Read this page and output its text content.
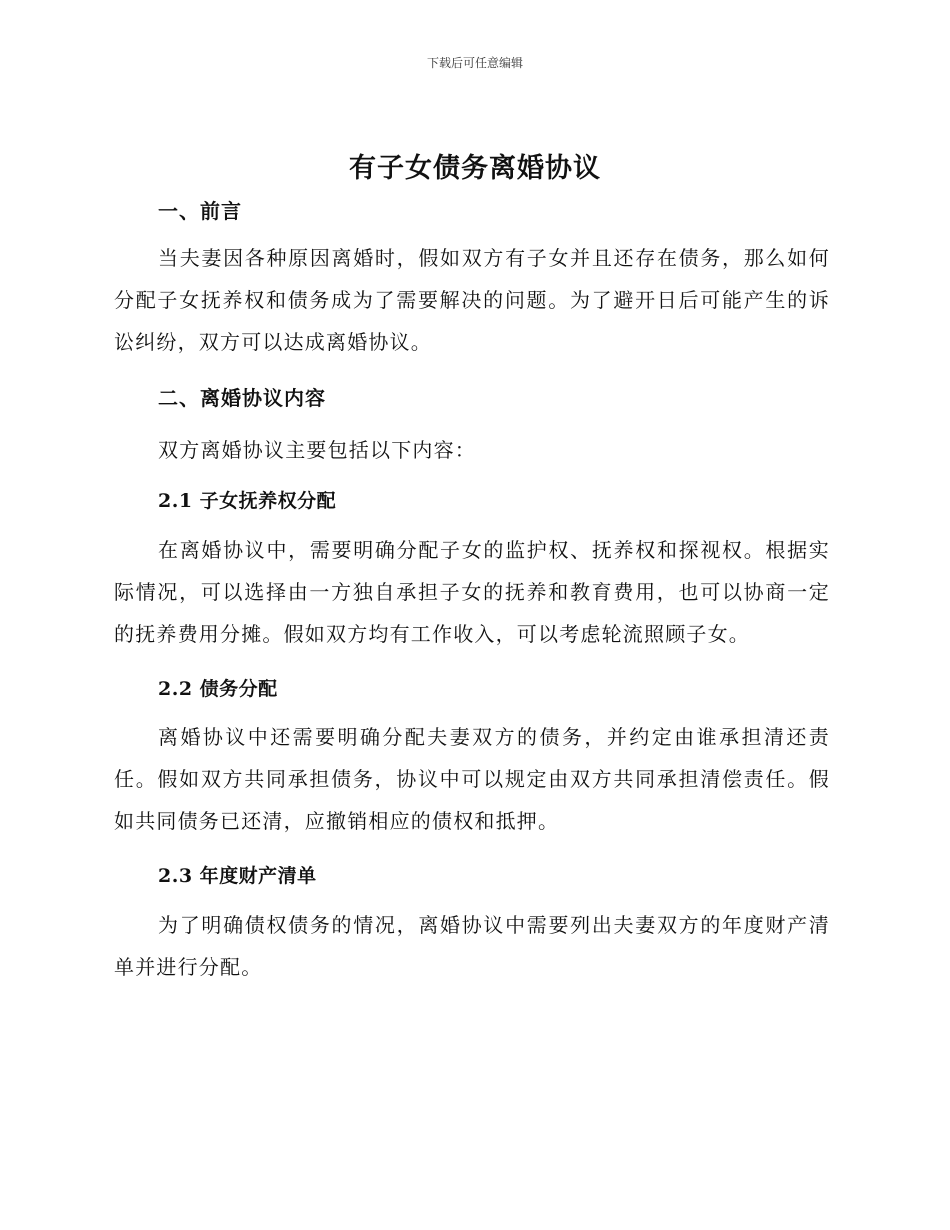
下载后可任意编辑
有子女债务离婚协议
一、前言

当夫妻因各种原因离婚时，假如双方有子女并且还存在债务，那么如何分配子女抚养权和债务成为了需要解决的问题。为了避开日后可能产生的诉讼纠纷，双方可以达成离婚协议。

二、离婚协议内容
双方离婚协议主要包括以下内容：
2.1 子女抚养权分配

在离婚协议中，需要明确分配子女的监护权、抚养权和探视权。根据实际情况，可以选择由一方独自承担子女的抚养和教育费用，也可以协商一定的抚养费用分摊。假如双方均有工作收入，可以考虑轮流照顾子女。

2.2 债务分配

离婚协议中还需要明确分配夫妻双方的债务，并约定由谁承担清还责任。假如双方共同承担债务，协议中可以规定由双方共同承担清偿责任。假如共同债务已还清，应撤销相应的债权和抵押。

2.3 年度财产清单

为了明确债权债务的情况，离婚协议中需要列出夫妻双方的年度财产清单并进行分配。
